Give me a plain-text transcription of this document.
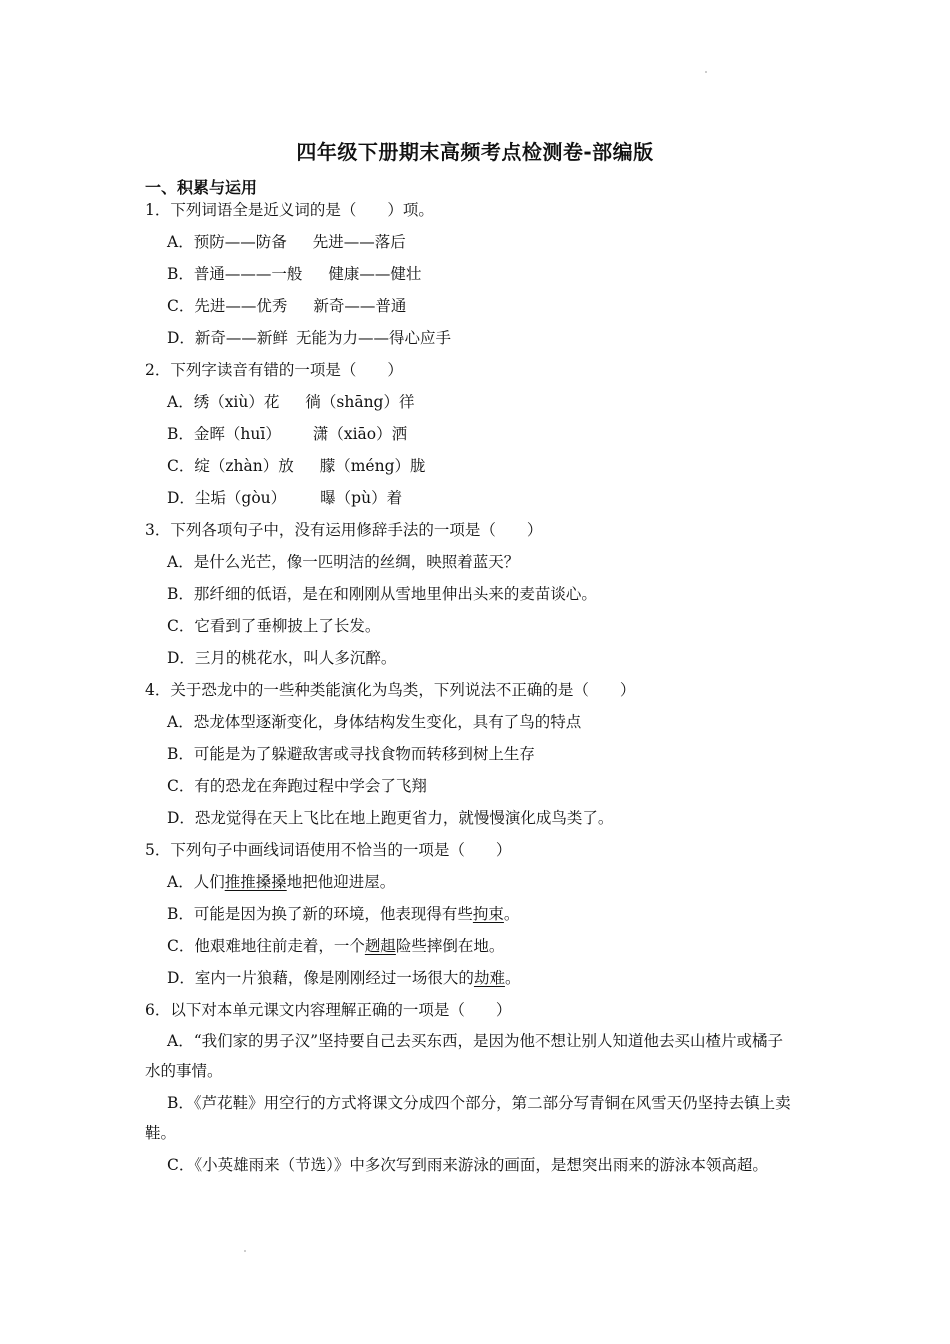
四年级下册期末高频考点检测卷-部编版
一、积累与运用
1．下列词语全是近义词的是（　　）项。
A．预防——防备 先进——落后
B．普通———一般 健康——健壮
C．先进——优秀 新奇——普通
D．新奇——新鲜 无能为力——得心应手
2．下列字读音有错的一项是（　　）
A．绣（xiù）花 徜（shāng）徉
B．金晖（huī） 潇（xiāo）洒
C．绽（zhàn）放 朦（méng）胧
D．尘垢（gòu） 曝（pù）着
3．下列各项句子中，没有运用修辞手法的一项是（　　）
A．是什么光芒，像一匹明洁的丝绸，映照着蓝天？
B．那纤细的低语，是在和刚刚从雪地里伸出头来的麦苗谈心。
C．它看到了垂柳披上了长发。
D．三月的桃花水，叫人多沉醉。
4．关于恐龙中的一些种类能演化为鸟类，下列说法不正确的是（　　）
A．恐龙体型逐渐变化，身体结构发生变化，具有了鸟的特点
B．可能是为了躲避敌害或寻找食物而转移到树上生存
C．有的恐龙在奔跑过程中学会了飞翔
D．恐龙觉得在天上飞比在地上跑更省力，就慢慢演化成鸟类了。
5．下列句子中画线词语使用不恰当的一项是（　　）
A．人们推推搡搡地把他迎进屋。
B．可能是因为换了新的环境，他表现得有些拘束。
C．他艰难地往前走着，一个趔趄险些摔倒在地。
D．室内一片狼藉，像是刚刚经过一场很大的劫难。
6．以下对本单元课文内容理解正确的一项是（　　）
A．“我们家的男子汉”坚持要自己去买东西，是因为他不想让别人知道他去买山楂片或橘子水的事情。
B．《芦花鞋》用空行的方式将课文分成四个部分，第二部分写青铜在风雪天仍坚持去镇上卖鞋。
C．《小英雄雨来（节选）》中多次写到雨来游泳的画面，是想突出雨来的游泳本领高超。
